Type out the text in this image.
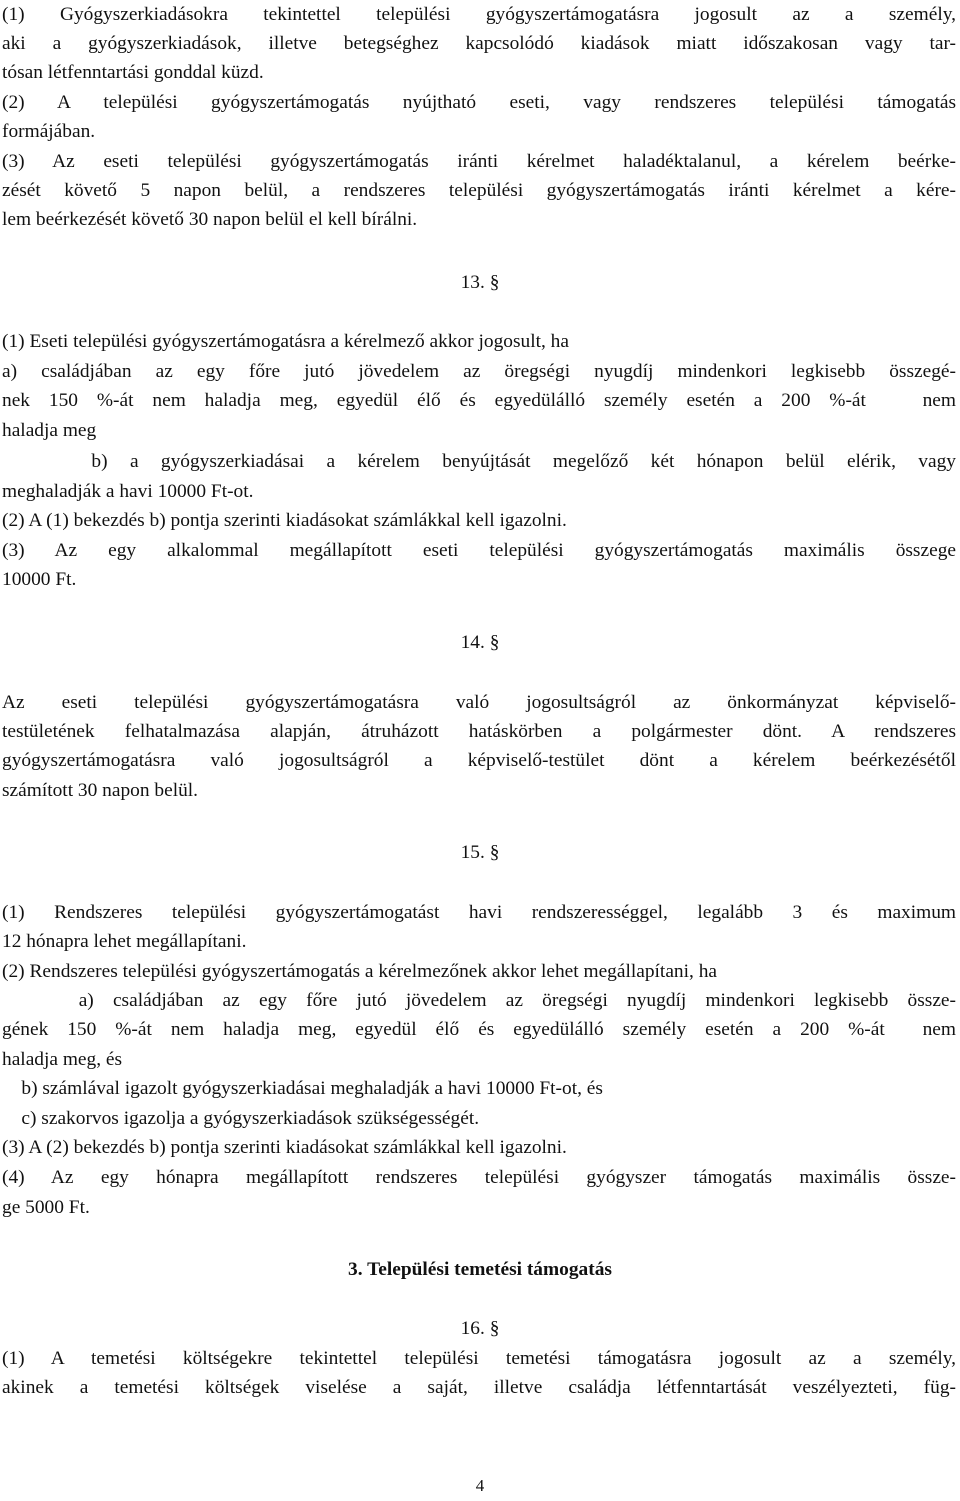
(1) Gyógyszerkiadásokra tekintettel települési gyógyszertámogatásra jogosult az a személy,
aki a gyógyszerkiadások, illetve betegséghez kapcsolódó kiadások miatt időszakosan vagy tar-
tósan létfenntartási gonddal küzd.
(2) A települési gyógyszertámogatás nyújtható eseti, vagy rendszeres települési támogatás
formájában.
(3) Az eseti települési gyógyszertámogatás iránti kérelmet haladéktalanul, a kérelem beérke-
zését követő 5 napon belül, a rendszeres települési gyógyszertámogatás iránti kérelmet a kére-
lem beérkezését követő 30 napon belül el kell bírálni.
13. §
(1) Eseti települési gyógyszertámogatásra a kérelmező akkor jogosult, ha
a) családjában az egy főre jutó jövedelem az öregségi nyugdíj mindenkori legkisebb összegé-
nek 150 %-át nem haladja meg, egyedül élő és egyedülálló személy esetén a 200 %-át   nem
haladja meg
b) a gyógyszerkiadásai a kérelem benyújtását megelőző két hónapon belül elérik, vagy
meghaladják a havi 10000 Ft-ot.
(2) A (1) bekezdés b) pontja szerinti kiadásokat számlákkal kell igazolni.
(3) Az egy alkalommal megállapított eseti települési gyógyszertámogatás maximális összege
10000 Ft.
14. §
Az eseti települési gyógyszertámogatásra való jogosultságról az önkormányzat képviselő-
testületének felhatalmazása alapján, átruházott hatáskörben a polgármester dönt. A rendszeres
gyógyszertámogatásra való jogosultságról a képviselő-testület dönt a kérelem beérkezésétől
számított 30 napon belül.
15. §
(1) Rendszeres települési gyógyszertámogatást havi rendszerességgel, legalább 3 és maximum
12 hónapra lehet megállapítani.
(2) Rendszeres települési gyógyszertámogatás a kérelmezőnek akkor lehet megállapítani, ha
a) családjában az egy főre jutó jövedelem az öregségi nyugdíj mindenkori legkisebb össze-
gének 150 %-át nem haladja meg, egyedül élő és egyedülálló személy esetén a 200 %-át  nem
haladja meg, és
b) számlával igazolt gyógyszerkiadásai meghaladják a havi 10000 Ft-ot, és
c) szakorvos igazolja a gyógyszerkiadások szükségességét.
(3) A (2) bekezdés b) pontja szerinti kiadásokat számlákkal kell igazolni.
(4) Az egy hónapra megállapított rendszeres települési gyógyszer támogatás maximális össze-
ge 5000 Ft.
3. Települési temetési támogatás
16. §
(1) A temetési költségekre tekintettel települési temetési támogatásra jogosult az a személy,
akinek a temetési költségek viselése a saját, illetve családja létfenntartását veszélyezteti, füg-
4
